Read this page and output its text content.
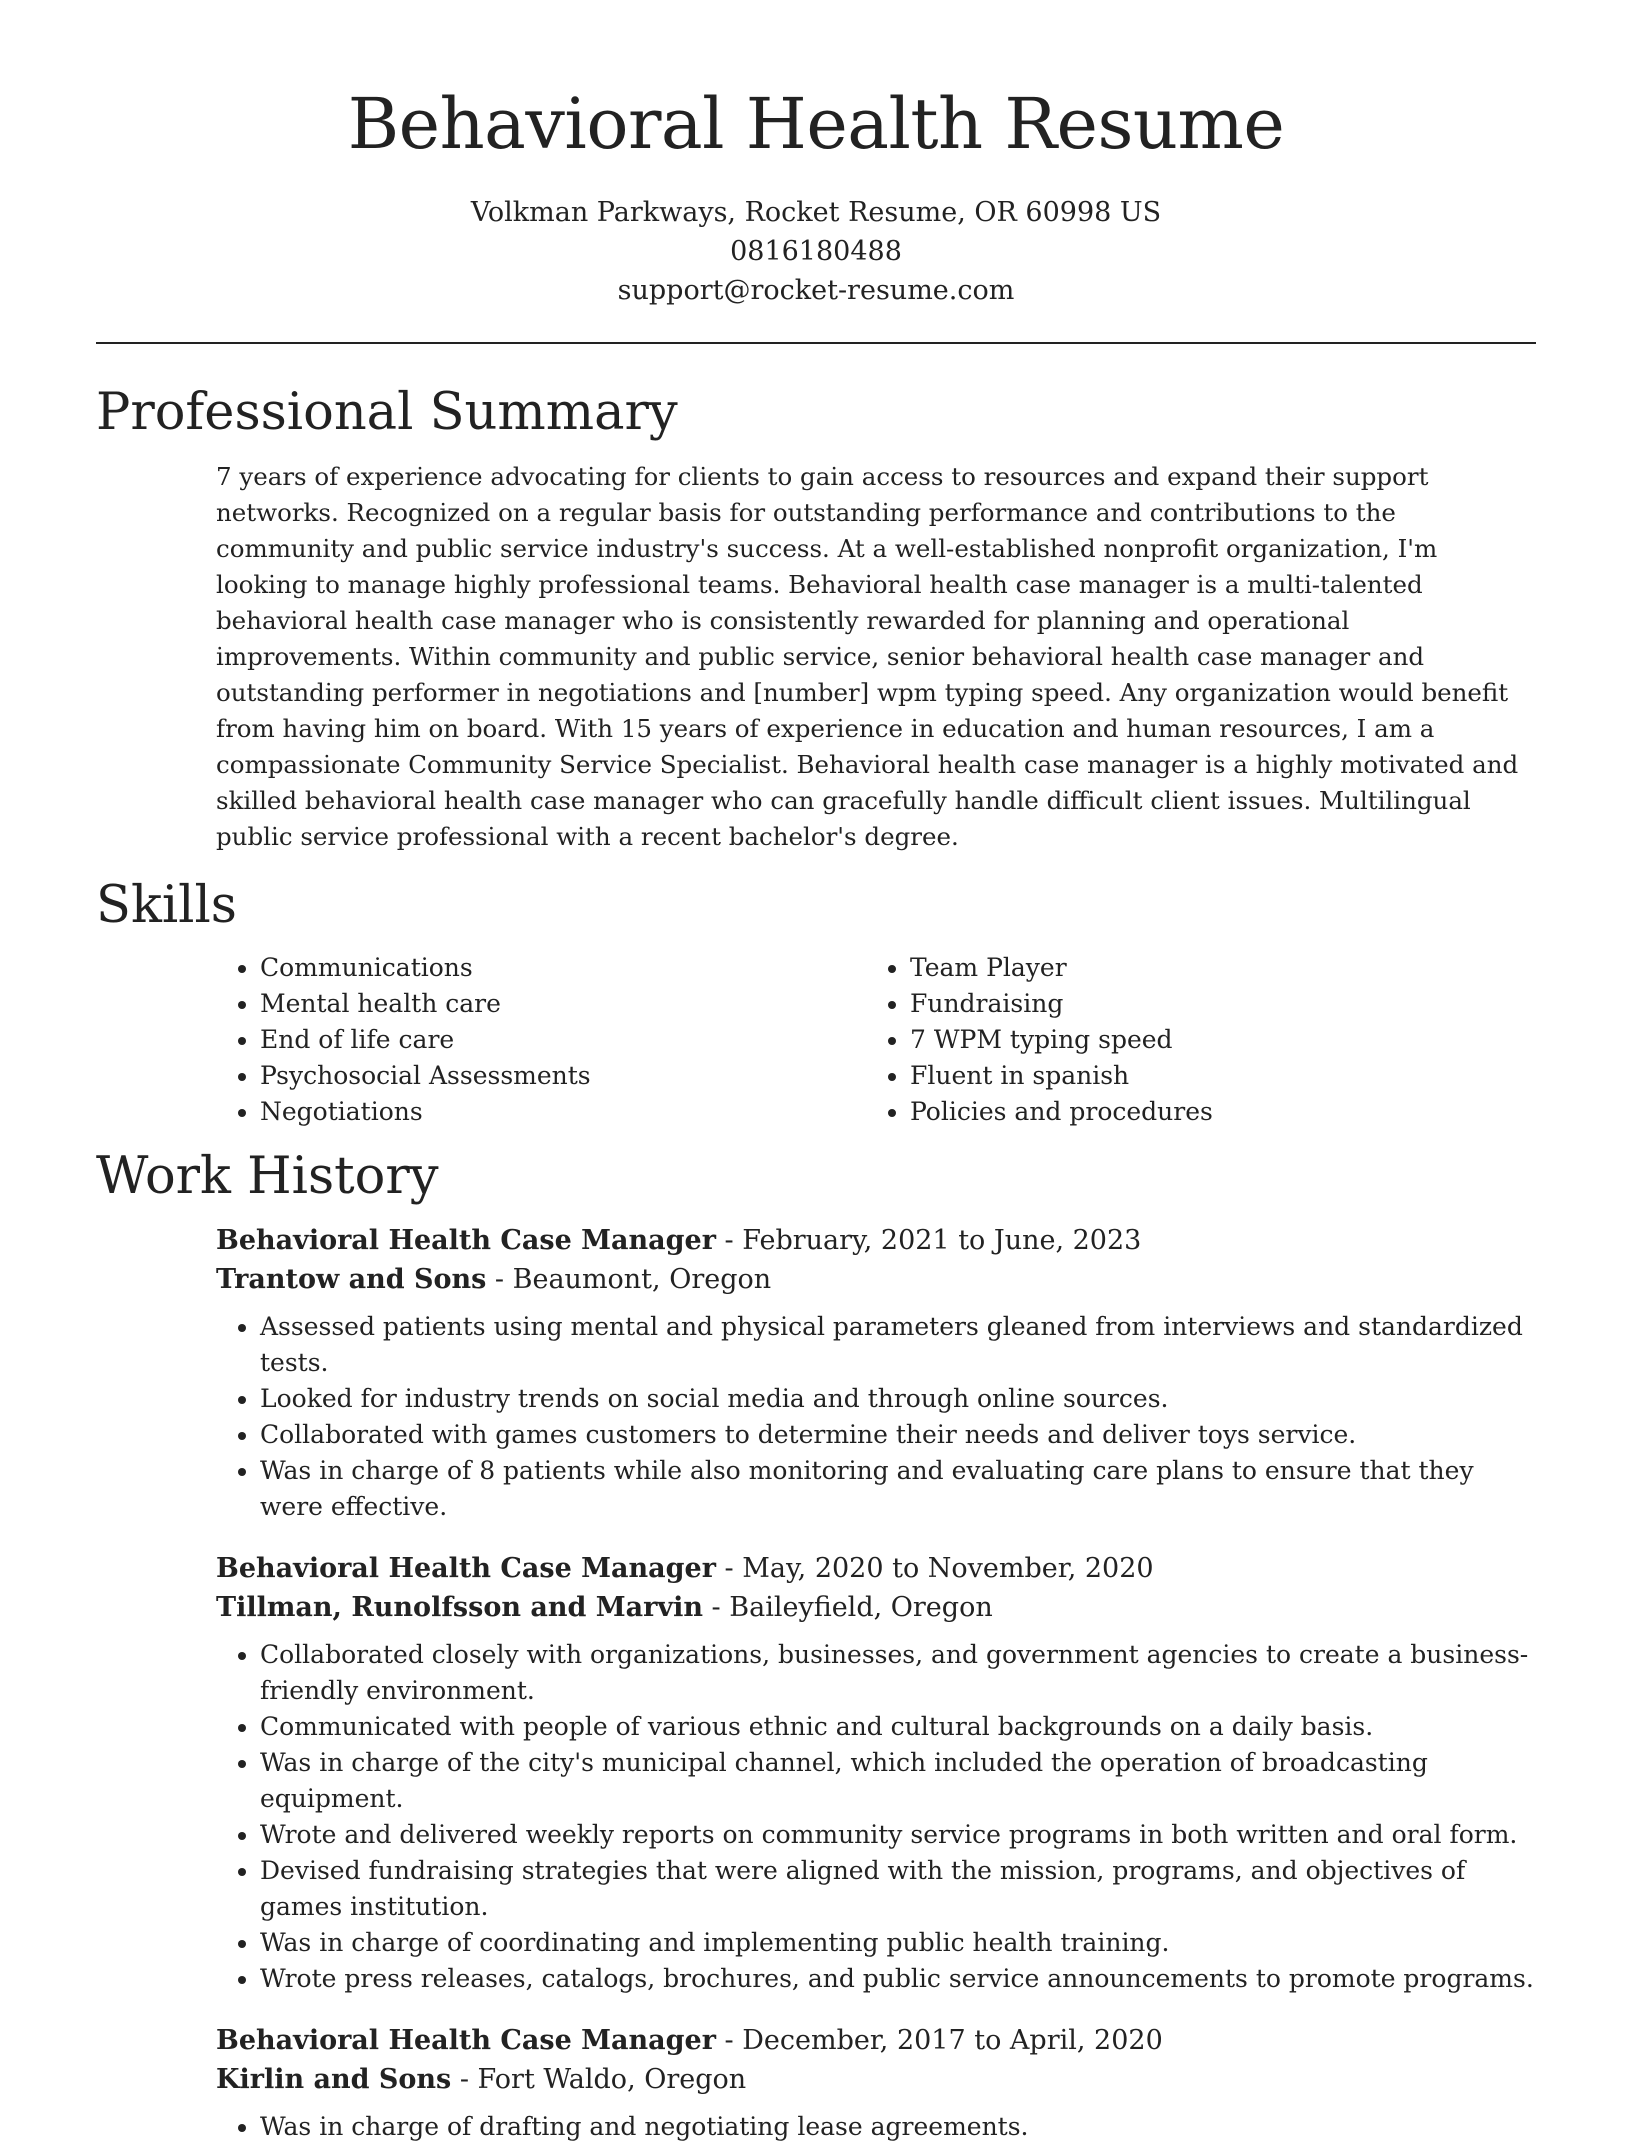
Behavioral Health Resume
Volkman Parkways, Rocket Resume, OR 60998 US
0816180488
support@rocket-resume.com
Professional Summary

7 years of experience advocating for clients to gain access to resources and expand their support networks. Recognized on a regular basis for outstanding performance and contributions to the community and public service industry's success. At a well-established nonprofit organization, I'm looking to manage highly professional teams. Behavioral health case manager is a multi-talented behavioral health case manager who is consistently rewarded for planning and operational improvements. Within community and public service, senior behavioral health case manager and outstanding performer in negotiations and [number] wpm typing speed. Any organization would benefit from having him on board. With 15 years of experience in education and human resources, I am a compassionate Community Service Specialist. Behavioral health case manager is a highly motivated and skilled behavioral health case manager who can gracefully handle difficult client issues. Multilingual public service professional with a recent bachelor's degree.

Skills
• Communications
• Mental health care
• End of life care
• Psychosocial Assessments
• Negotiations
• Team Player
• Fundraising
• 7 WPM typing speed
• Fluent in spanish
• Policies and procedures
Work History
Behavioral Health Case Manager - February, 2021 to June, 2023
Trantow and Sons - Beaumont, Oregon
• Assessed patients using mental and physical parameters gleaned from interviews and standardized tests.
• Looked for industry trends on social media and through online sources.
• Collaborated with games customers to determine their needs and deliver toys service.
• Was in charge of 8 patients while also monitoring and evaluating care plans to ensure that they were effective.
Behavioral Health Case Manager - May, 2020 to November, 2020
Tillman, Runolfsson and Marvin - Baileyfield, Oregon
• Collaborated closely with organizations, businesses, and government agencies to create a business-friendly environment.
• Communicated with people of various ethnic and cultural backgrounds on a daily basis.
• Was in charge of the city's municipal channel, which included the operation of broadcasting equipment.
• Wrote and delivered weekly reports on community service programs in both written and oral form.
• Devised fundraising strategies that were aligned with the mission, programs, and objectives of games institution.
• Was in charge of coordinating and implementing public health training.
• Wrote press releases, catalogs, brochures, and public service announcements to promote programs.
Behavioral Health Case Manager - December, 2017 to April, 2020
Kirlin and Sons - Fort Waldo, Oregon
• Was in charge of drafting and negotiating lease agreements.
